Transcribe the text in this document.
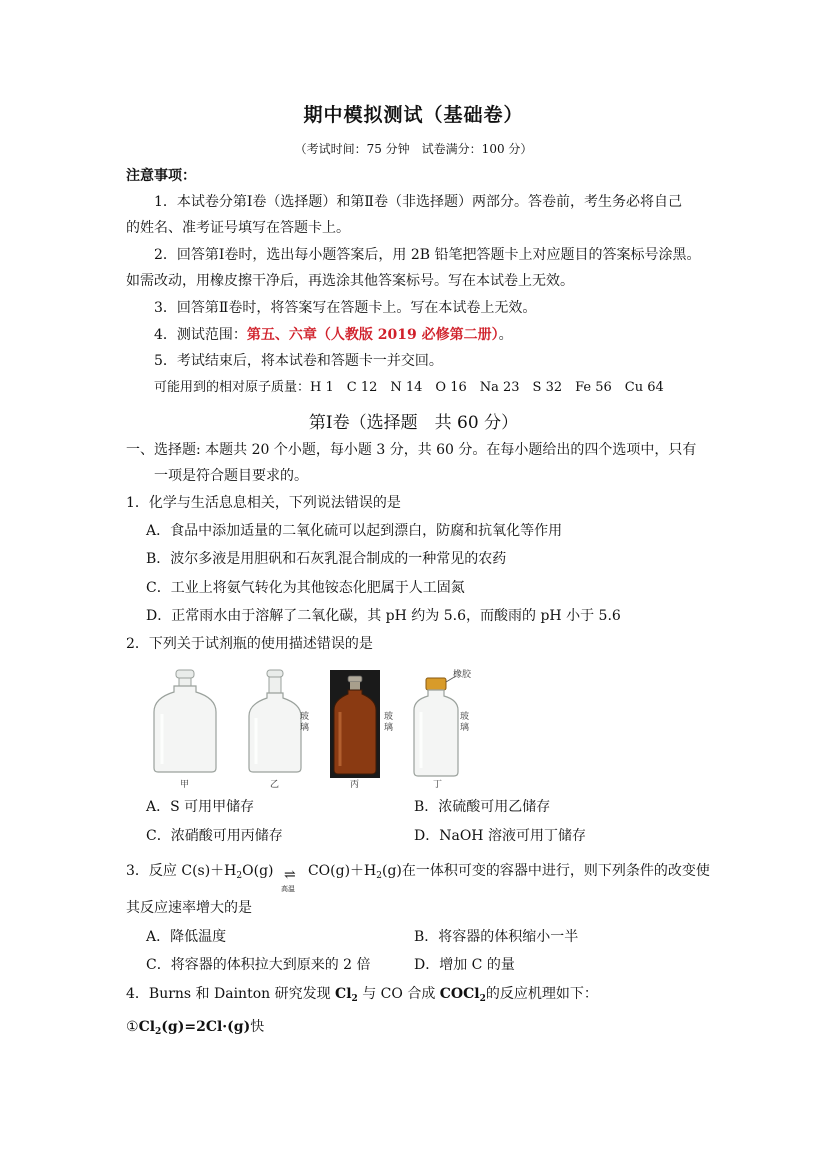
期中模拟测试（基础卷）
（考试时间：75 分钟　试卷满分：100 分）
注意事项：
1．本试卷分第Ⅰ卷（选择题）和第Ⅱ卷（非选择题）两部分。答卷前，考生务必将自己
的姓名、准考证号填写在答题卡上。
2．回答第Ⅰ卷时，选出每小题答案后，用 2B 铅笔把答题卡上对应题目的答案标号涂黑。
如需改动，用橡皮擦干净后，再选涂其他答案标号。写在本试卷上无效。
3．回答第Ⅱ卷时，将答案写在答题卡上。写在本试卷上无效。
4．测试范围：第五、六章（人教版 2019 必修第二册）。
5．考试结束后，将本试卷和答题卡一并交回。
可能用到的相对原子质量：H 1　C 12　N 14　O 16　Na 23　S 32　Fe 56　Cu 64
第Ⅰ卷（选择题　共 60 分）
一、选择题: 本题共 20 个小题，每小题 3 分，共 60 分。在每小题给出的四个选项中，只有
一项是符合题目要求的。
1．化学与生活息息相关，下列说法错误的是
A．食品中添加适量的二氧化硫可以起到漂白，防腐和抗氧化等作用
B．波尔多液是用胆矾和石灰乳混合制成的一种常见的农药
C．工业上将氨气转化为其他铵态化肥属于人工固氮
D．正常雨水由于溶解了二氧化碳，其 pH 约为 5.6，而酸雨的 pH 小于 5.6
2．下列关于试剂瓶的使用描述错误的是
甲	乙
玻璃
丙
玻璃
橡胶
丁
玻璃
A．S 可用甲储存	B．浓硫酸可用乙储存
C．浓硝酸可用丙储存	D．NaOH 溶液可用丁储存
3．反应 $C(s)+H_2O(g)$ ⇌
高温
$CO(g)+H_2(g)$在一体积可变的容器中进行，则下列条件的改变使
其反应速率增大的是
A．降低温度	B．将容器的体积缩小一半
C．将容器的体积拉大到原来的 2 倍	D．增加 C 的量
4．Burns 和 Dainton 研究发现 $Cl_2$ 与 CO 合成 COCl$_2$的反应机理如下：
$①Cl_2(g)=2Cl\cdot(g)$快
